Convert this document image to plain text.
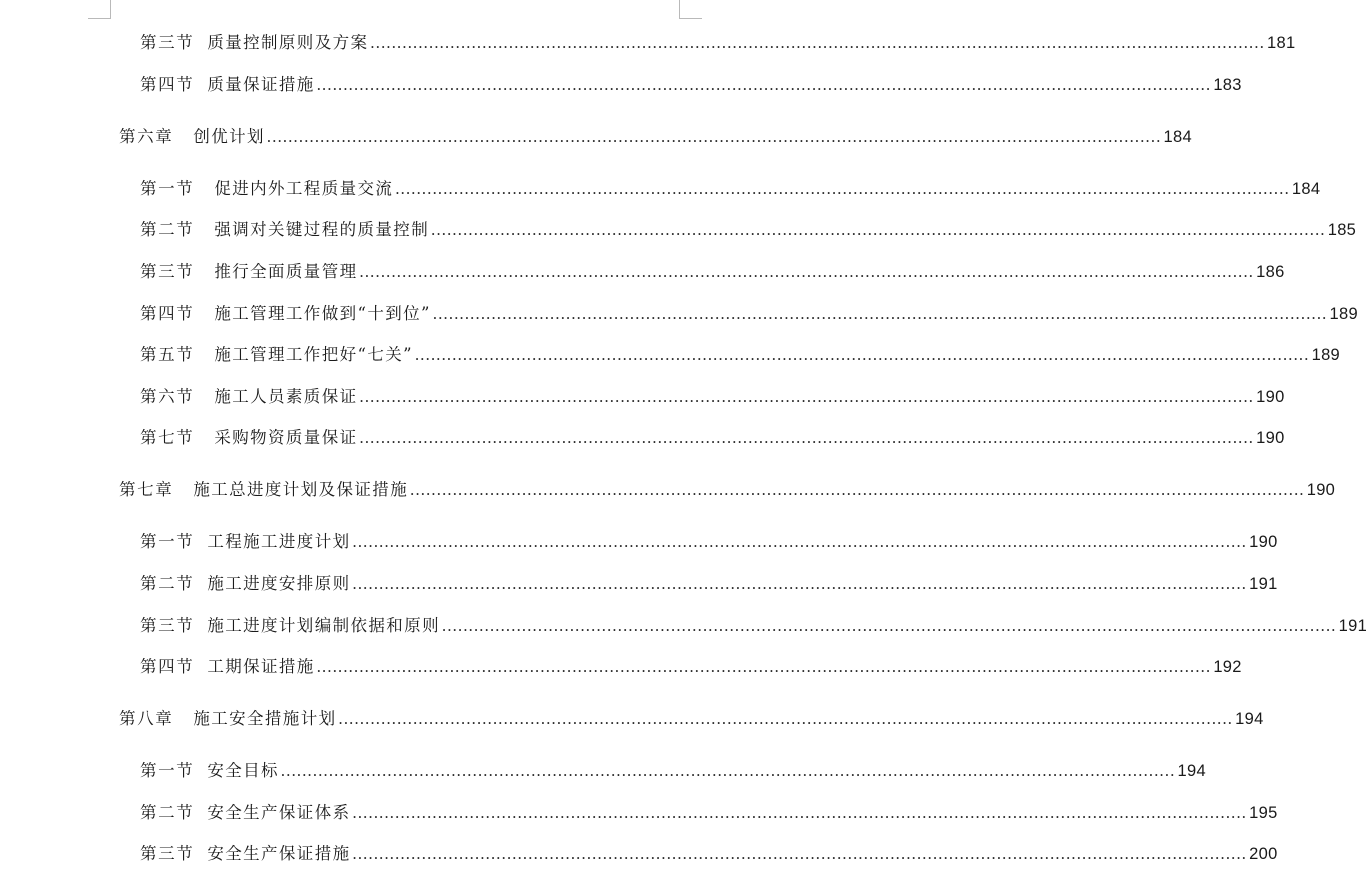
第三节 质量控制原则及方案 ........................................................................................................................................................................ 181
第四节 质量保证措施 ........................................................................................................................................................................ 183
第六章 创优计划 ........................................................................................................................................................................ 184
第一节 促进内外工程质量交流 ........................................................................................................................................................................ 184
第二节 强调对关键过程的质量控制 ........................................................................................................................................................................ 185
第三节 推行全面质量管理 ........................................................................................................................................................................ 186
第四节 施工管理工作做到“十到位” ........................................................................................................................................................................ 189
第五节 施工管理工作把好“七关” ........................................................................................................................................................................ 189
第六节 施工人员素质保证 ........................................................................................................................................................................ 190
第七节 采购物资质量保证 ........................................................................................................................................................................ 190
第七章 施工总进度计划及保证措施 ........................................................................................................................................................................ 190
第一节 工程施工进度计划 ........................................................................................................................................................................ 190
第二节 施工进度安排原则 ........................................................................................................................................................................ 191
第三节 施工进度计划编制依据和原则 ........................................................................................................................................................................ 191
第四节 工期保证措施 ........................................................................................................................................................................ 192
第八章 施工安全措施计划 ........................................................................................................................................................................ 194
第一节 安全目标 ........................................................................................................................................................................ 194
第二节 安全生产保证体系 ........................................................................................................................................................................ 195
第三节 安全生产保证措施 ........................................................................................................................................................................ 200
